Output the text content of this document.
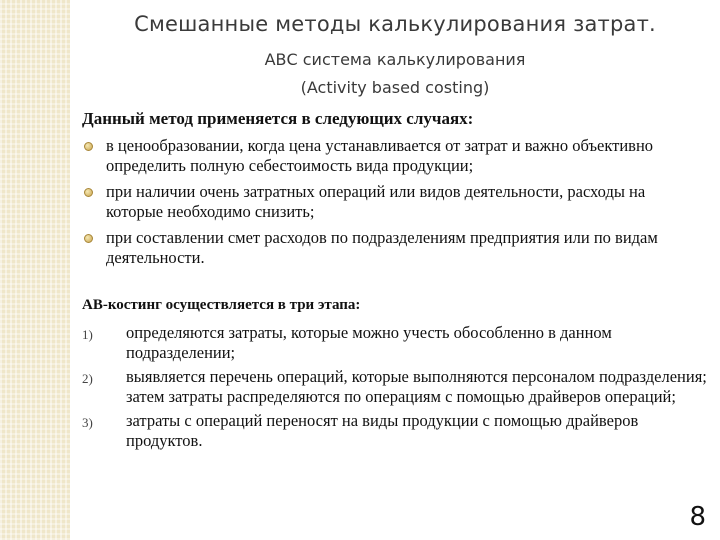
Смешанные методы калькулирования затрат.
АВС система калькулирования
(Activity based costing)
Данный метод применяется в следующих случаях:
в ценообразовании, когда цена устанавливается от затрат и важно объективно определить полную себестоимость вида продукции;
при наличии очень затратных операций или видов деятельности, расходы на которые необходимо снизить;
при составлении смет расходов по подразделениям предприятия или по видам деятельности.
АВ-костинг осуществляется в три этапа:
1) определяются затраты, которые можно учесть обособленно в данном подразделении;
2) выявляется перечень операций, которые выполняются персоналом подразделения; затем затраты распределяются по операциям с помощью драйверов операций;
3) затраты с операций переносят на виды продукции с помощью драйверов продуктов.
8
